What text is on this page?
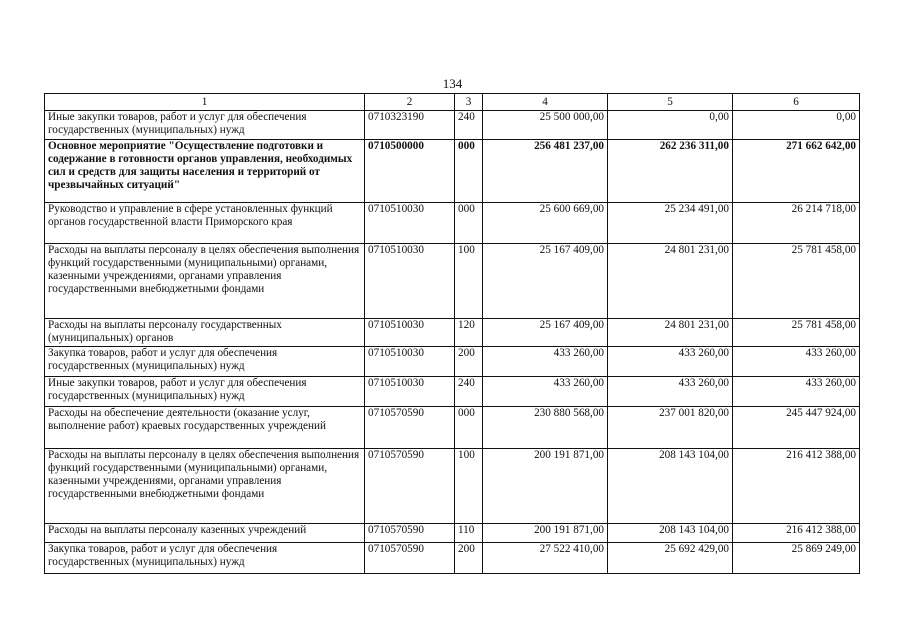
134
1	2	3	4	5	6
Иные закупки товаров, работ и услуг для обеспечения государственных (муниципальных) нужд	0710323190	240	25 500 000,00	0,00	0,00
Основное мероприятие "Осуществление подготовки и содержание в готовности органов управления, необходимых сил и средств для защиты населения и территорий от чрезвычайных ситуаций"	0710500000	000	256 481 237,00	262 236 311,00	271 662 642,00
Руководство и управление в сфере установленных функций органов государственной власти Приморского края	0710510030	000	25 600 669,00	25 234 491,00	26 214 718,00
Расходы на выплаты персоналу в целях обеспечения выполнения функций государственными (муниципальными) органами, казенными учреждениями, органами управления государственными внебюджетными фондами	0710510030	100	25 167 409,00	24 801 231,00	25 781 458,00
Расходы на выплаты персоналу государственных (муниципальных) органов	0710510030	120	25 167 409,00	24 801 231,00	25 781 458,00
Закупка товаров, работ и услуг для обеспечения государственных (муниципальных) нужд	0710510030	200	433 260,00	433 260,00	433 260,00
Иные закупки товаров, работ и услуг для обеспечения государственных (муниципальных) нужд	0710510030	240	433 260,00	433 260,00	433 260,00
Расходы на обеспечение деятельности (оказание услуг, выполнение работ) краевых государственных учреждений	0710570590	000	230 880 568,00	237 001 820,00	245 447 924,00
Расходы на выплаты персоналу в целях обеспечения выполнения функций государственными (муниципальными) органами, казенными учреждениями, органами управления государственными внебюджетными фондами	0710570590	100	200 191 871,00	208 143 104,00	216 412 388,00
Расходы на выплаты персоналу казенных учреждений	0710570590	110	200 191 871,00	208 143 104,00	216 412 388,00
Закупка товаров, работ и услуг для обеспечения государственных (муниципальных) нужд	0710570590	200	27 522 410,00	25 692 429,00	25 869 249,00
